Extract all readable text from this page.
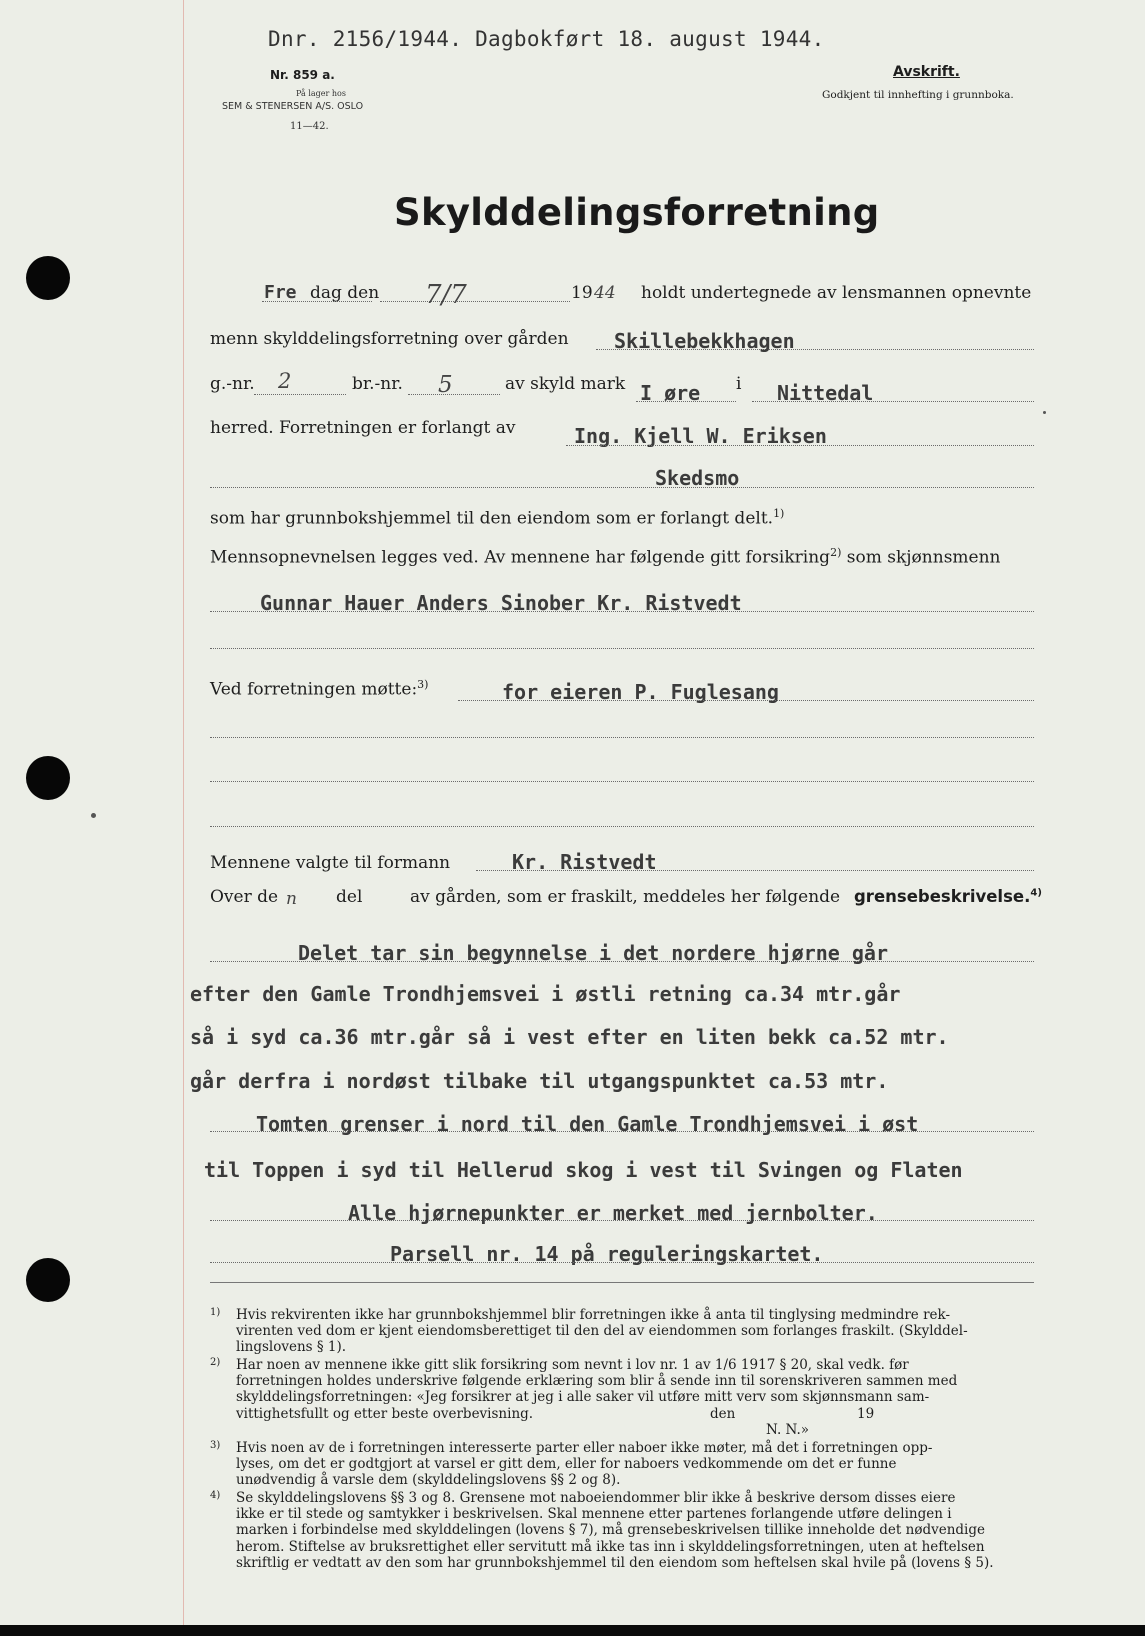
Dnr. 2156/1944. Dagbokført 18. august 1944.
Nr. 859 a.
På lager hos
SEM & STENERSEN A/S. OSLO
11—42.
Avskrift.
Godkjent til innhefting i grunnboka.
Skylddelingsforretning
Fre dag den 7/7	19 44 holdt undertegnede av lensmannen opnevnte
menn skylddelingsforretning over gården Skillebekkhagen
g.-nr. 2	br.-nr. 5	av skyld mark I øre i Nittedal
herred. Forretningen er forlangt av	Ing. Kjell W. Eriksen
Skedsmo
som har grunnbokshjemmel til den eiendom som er forlangt delt.$^{1)}$
Mennsopnevnelsen legges ved. Av mennene har følgende gitt forsikring$^{2)}$ som skjønnsmenn
Gunnar Hauer Anders Sinober Kr. Ristvedt
Ved forretningen møtte:$^{3)}$	for eieren P. Fuglesang
Mennene valgte til formann	Kr. Ristvedt
Over de n del	av gården, som er fraskilt, meddeles her følgende grensebeskrivelse.$^{4)}$
Delet tar sin begynnelse i det nordere hjørne går
efter den Gamle Trondhjemsvei i østli retning ca.34 mtr.går
så i syd ca.36 mtr.går så i vest efter en liten bekk ca.52 mtr.
går derfra i nordøst tilbake til utgangspunktet ca.53 mtr.
Tomten grenser i nord til den Gamle Trondhjemsvei i øst
til Toppen i syd til Hellerud skog i vest til Svingen og Flaten
Alle hjørnepunkter er merket med jernbolter.
Parsell nr. 14 på reguleringskartet.
1) Hvis rekvirenten ikke har grunnbokshjemmel blir forretningen ikke å anta til tinglysing medmindre rek-
virenten ved dom er kjent eiendomsberettiget til den del av eiendommen som forlanges fraskilt. (Skylddel-
lingslovens § 1).
2) Har noen av mennene ikke gitt slik forsikring som nevnt i lov nr. 1 av 1/6 1917 § 20, skal vedk. før
forretningen holdes underskrive følgende erklæring som blir å sende inn til sorenskriveren sammen med
skylddelingsforretningen: «Jeg forsikrer at jeg i alle saker vil utføre mitt verv som skjønnsmann sam-
vittighetsfullt og etter beste overbevisning.	den	19
N. N.»
3) Hvis noen av de i forretningen interesserte parter eller naboer ikke møter, må det i forretningen opp-
lyses, om det er godtgjort at varsel er gitt dem, eller for naboers vedkommende om det er funne
unødvendig å varsle dem (skylddelingslovens §§ 2 og 8).
4) Se skylddelingslovens §§ 3 og 8. Grensene mot naboeiendommer blir ikke å beskrive dersom disses eiere
ikke er til stede og samtykker i beskrivelsen. Skal mennene etter partenes forlangende utføre delingen i
marken i forbindelse med skylddelingen (lovens § 7), må grensebeskrivelsen tillike inneholde det nødvendige
herom. Stiftelse av bruksrettighet eller servitutt må ikke tas inn i skylddelingsforretningen, uten at heftelsen
skriftlig er vedtatt av den som har grunnbokshjemmel til den eiendom som heftelsen skal hvile på (lovens § 5).
